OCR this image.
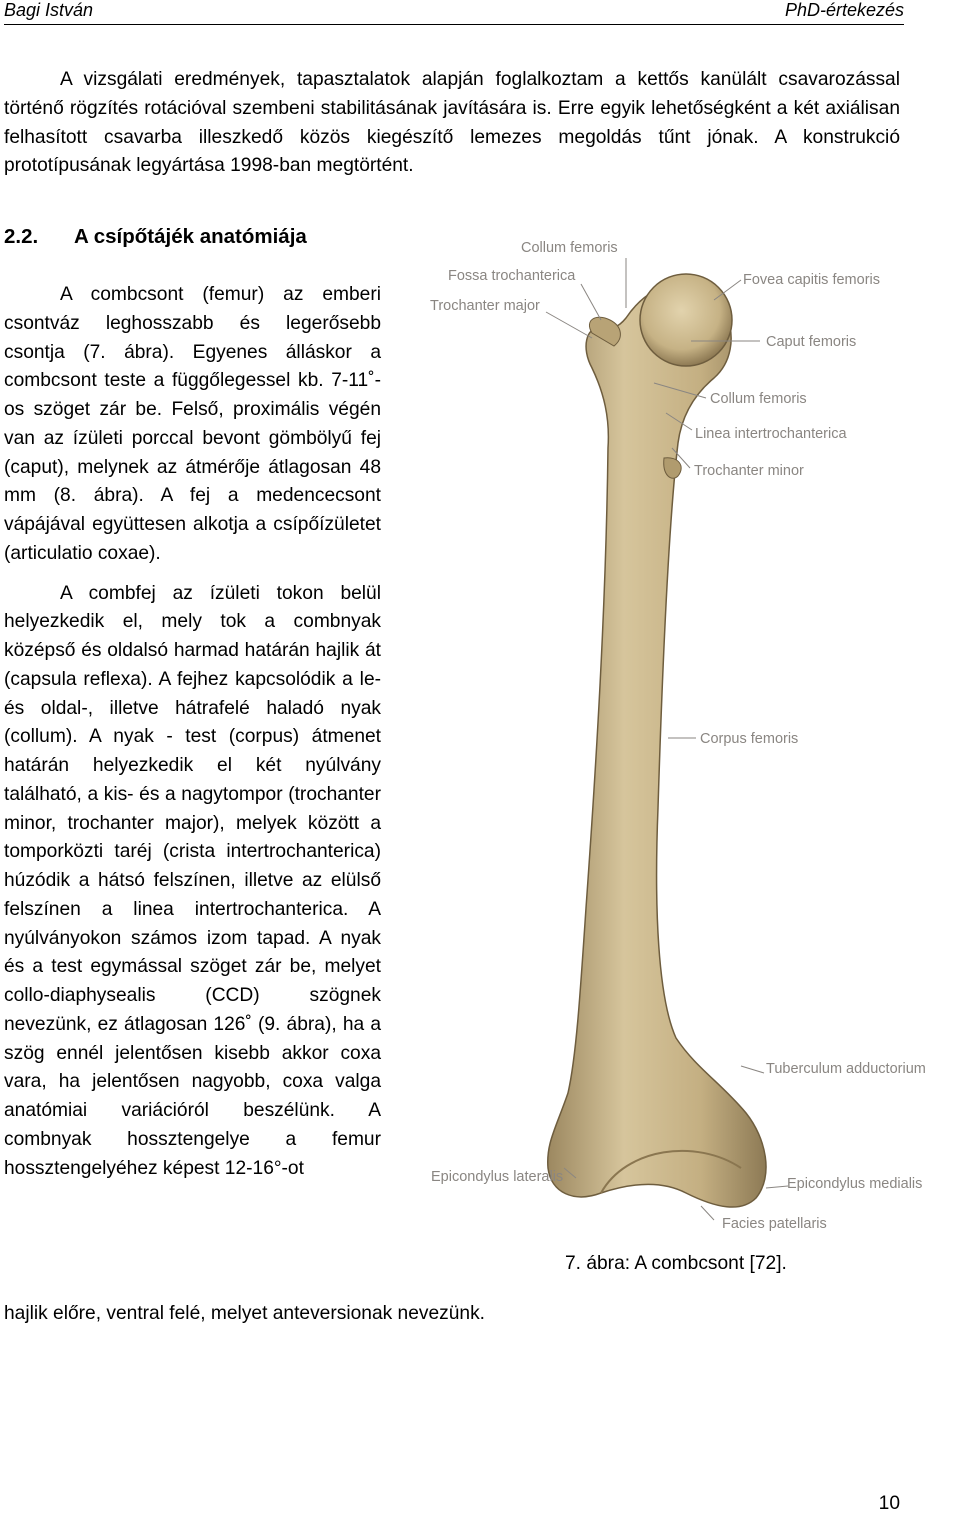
Bagi István	PhD-értekezés

A vizsgálati eredmények, tapasztalatok alapján foglalkoztam a kettős kanülált csavarozással történő rögzítés rotációval szembeni stabilitásának javítására is. Erre egyik lehetőségként a két axiálisan felhasított csavarba illeszkedő közös kiegészítő lemezes megoldás tűnt jónak. A konstrukció prototípusának legyártása 1998-ban megtörtént.

2.2. A csípőtájék anatómiája

A combcsont (femur) az emberi csontváz leghosszabb és legerősebb csontja (7. ábra). Egyenes álláskor a combcsont teste a függőlegessel kb. 7-11˚-os szöget zár be. Felső, proximális végén van az ízületi porccal bevont gömbölyű fej (caput), melynek az átmérője átlagosan 48 mm (8. ábra). A fej a medencecsont vápájával együttesen alkotja a csípőízületet (articulatio coxae).

A combfej az ízületi tokon belül helyezkedik el, mely tok a combnyak középső és oldalsó harmad határán hajlik át (capsula reflexa). A fejhez kapcsolódik a le- és oldal-, illetve hátrafelé haladó nyak (collum). A nyak - test (corpus) átmenet határán helyezkedik el két nyúlvány található, a kis- és a nagytompor (trochanter minor, trochanter major), melyek között a tomporközti taréj (crista intertrochanterica) húzódik a hátsó felszínen, illetve az elülső felszínen a linea intertrochanterica. A nyúlványokon számos izom tapad. A nyak és a test egymással szöget zár be, melyet collo-diaphysealis (CCD) szögnek nevezünk, ez átlagosan 126˚ (9. ábra), ha a szög ennél jelentősen kisebb akkor coxa vara, ha jelentősen nagyobb, coxa valga anatómiai variációról beszélünk. A combnyak hossztengelye a femur hossztengelyéhez képest 12-16°-ot

hajlik előre, ventral felé, melyet anteversionak nevezünk.
Collum femoris
Fossa trochanterica	Fovea capitis femoris
Trochanter major
Caput femoris
Collum femoris
Linea intertrochanterica
Trochanter minor
Corpus femoris
Tuberculum adductorium
Epicondylus lateralis	Epicondylus medialis
Facies patellaris
7. ábra: A combcsont [72].
10
